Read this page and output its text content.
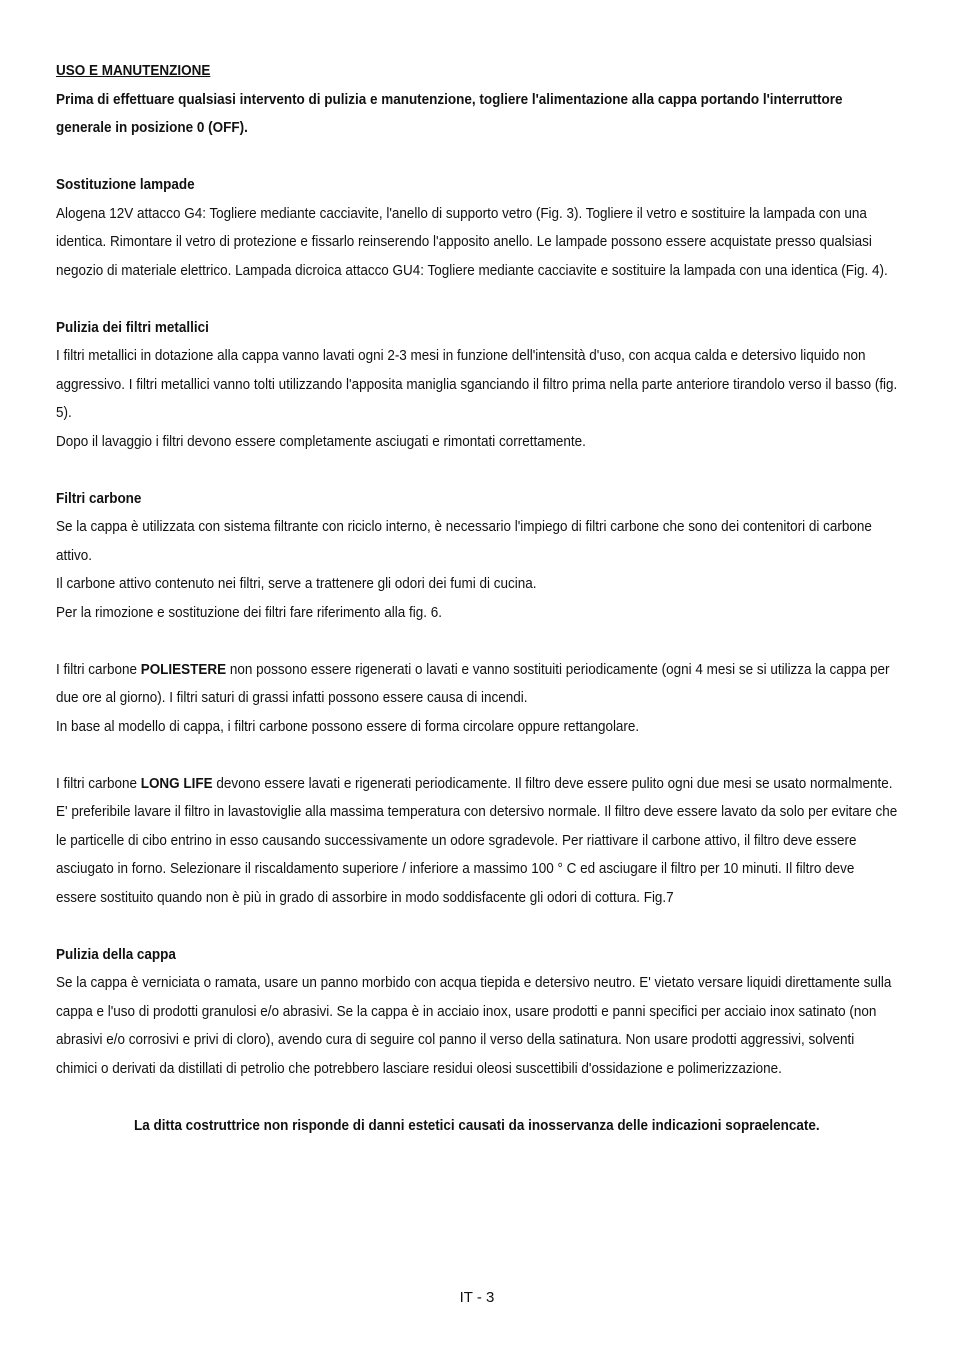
USO E MANUTENZIONE

Prima di effettuare qualsiasi intervento di pulizia e manutenzione, togliere l'alimentazione alla cappa portando l'interruttore generale in posizione 0 (OFF).

Sostituzione lampade

Alogena 12V attacco G4: Togliere mediante cacciavite, l'anello di supporto vetro (Fig. 3). Togliere il vetro e sostituire la lampada con una identica. Rimontare il vetro di protezione e fissarlo reinserendo l'apposito anello. Le lampade possono essere acquistate presso qualsiasi negozio di materiale elettrico. Lampada dicroica attacco GU4: Togliere mediante cacciavite e sostituire la lampada con una identica (Fig. 4).

Pulizia dei filtri metallici

I filtri metallici in dotazione alla cappa vanno lavati ogni 2-3 mesi in funzione dell'intensità d'uso, con acqua calda e detersivo liquido non aggressivo. I filtri metallici vanno tolti utilizzando l'apposita maniglia sganciando il filtro prima nella parte anteriore tirandolo verso il basso (fig. 5).

Dopo il lavaggio i filtri devono essere completamente asciugati e rimontati correttamente.

Filtri carbone

Se la cappa è utilizzata con sistema filtrante con riciclo interno, è necessario l'impiego di filtri carbone che sono dei contenitori di carbone attivo.

Il carbone attivo contenuto nei filtri, serve a trattenere gli odori dei fumi di cucina.

Per la rimozione e sostituzione dei filtri fare riferimento alla fig. 6.

I filtri carbone POLIESTERE non possono essere rigenerati o lavati e vanno sostituiti periodicamente (ogni 4 mesi se si utilizza la cappa per due ore al giorno). I filtri saturi di grassi infatti possono essere causa di incendi.

In base al modello di cappa, i filtri carbone possono essere di forma circolare oppure rettangolare.

I filtri carbone LONG LIFE devono essere lavati e rigenerati periodicamente. Il filtro deve essere pulito ogni due mesi se usato normalmente. E' preferibile lavare il filtro in lavastoviglie alla massima temperatura con detersivo normale. Il filtro deve essere lavato da solo per evitare che le particelle di cibo entrino in esso causando successivamente un odore sgradevole. Per riattivare il carbone attivo, il filtro deve essere asciugato in forno. Selezionare il riscaldamento superiore / inferiore a massimo 100 ° C ed asciugare il filtro per 10 minuti. Il filtro deve essere sostituito quando non è più in grado di assorbire in modo soddisfacente gli odori di cottura. Fig.7

Pulizia della cappa

Se la cappa è verniciata o ramata, usare un panno morbido con acqua tiepida e detersivo neutro. E' vietato versare liquidi direttamente sulla cappa e l'uso di prodotti granulosi e/o abrasivi. Se la cappa è in acciaio inox, usare prodotti e panni specifici per acciaio inox satinato (non abrasivi e/o corrosivi e privi di cloro), avendo cura di seguire col panno il verso della satinatura. Non usare prodotti aggressivi, solventi chimici o derivati da distillati di petrolio che potrebbero lasciare residui oleosi suscettibili d'ossidazione e polimerizzazione.

La ditta costruttrice non risponde di danni estetici causati da inosservanza delle indicazioni sopraelencate.

IT - 3
